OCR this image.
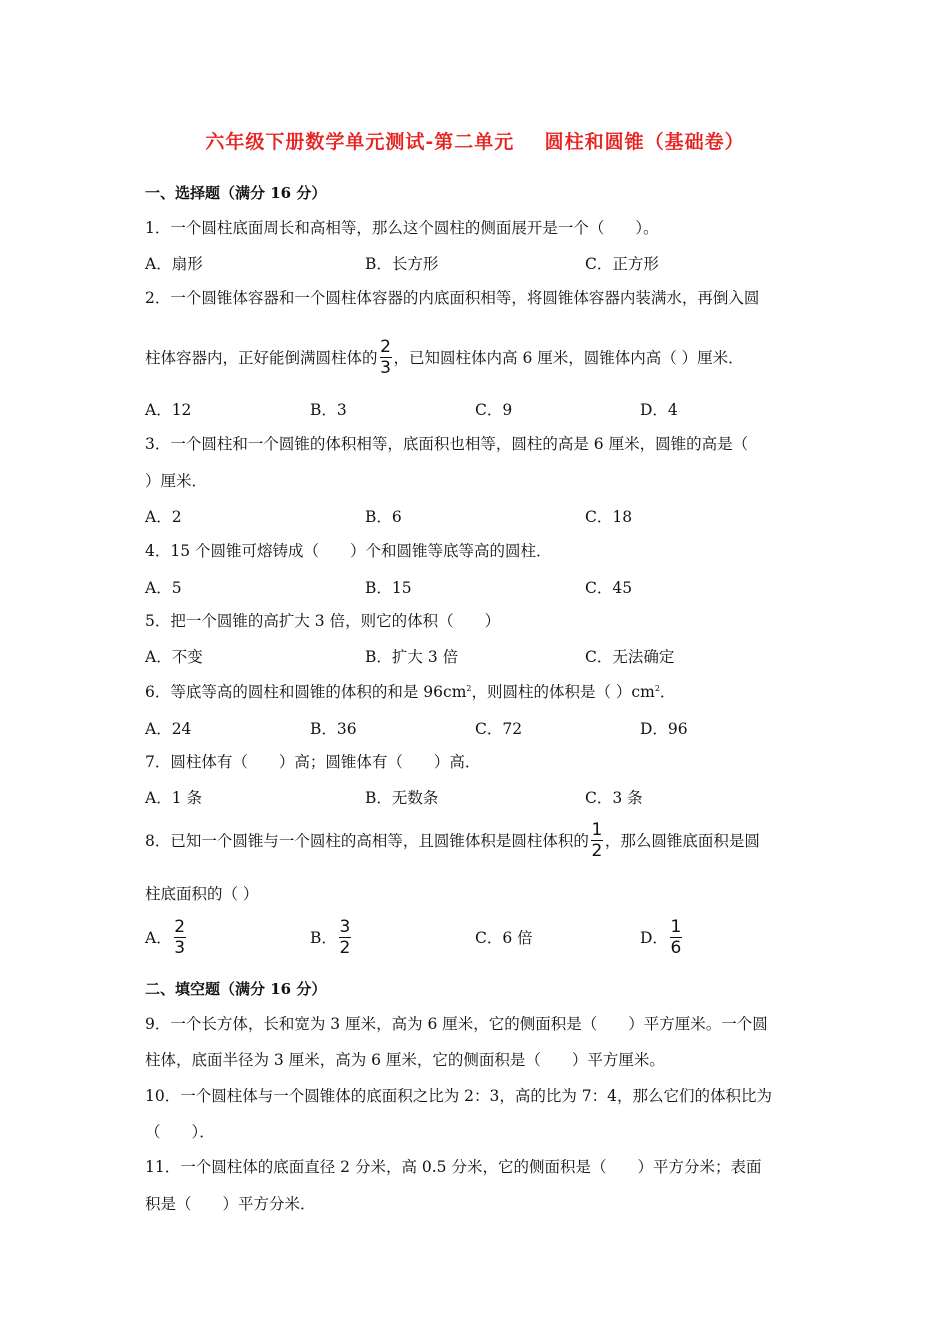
六年级下册数学单元测试-第二单元    圆柱和圆锥（基础卷）
一、选择题（满分 16 分）
1．一个圆柱底面周长和高相等，那么这个圆柱的侧面展开是一个（　　）。
A．扇形	B．长方形	C．正方形
2．一个圆锥体容器和一个圆柱体容器的内底面积相等，将圆锥体容器内装满水，再倒入圆
柱体容器内，正好能倒满圆柱体的 $\frac{2}{3}$ ，已知圆柱体内高 6 厘米，圆锥体内高（ ）厘米．
A．12	B．3	C．9	D．4
3．一个圆柱和一个圆锥的体积相等，底面积也相等，圆柱的高是 6 厘米，圆锥的高是（
）厘米．
A．2	B．6	C．18
4．15 个圆锥可熔铸成（　　）个和圆锥等底等高的圆柱．
A．5	B．15	C．45
5．把一个圆锥的高扩大 3 倍，则它的体积（　　）
A．不变	B．扩大 3 倍	C．无法确定
6．等底等高的圆柱和圆锥的体积的和是 $96cm^2$，则圆柱的体积是（ ）$cm^2$．
A．24	B．36	C．72	D．96
7．圆柱体有（　　）高；圆锥体有（　　）高．
A．1 条	B．无数条	C．3 条
8．已知一个圆锥与一个圆柱的高相等，且圆锥体积是圆柱体积的 $\frac{1}{2}$ ，那么圆锥底面积是圆
柱底面积的（ ）
A． $\frac{2}{3}$	B． $\frac{3}{2}$	C．6 倍	D． $\frac{1}{6}$
二、填空题（满分 16 分）
9．一个长方体，长和宽为 3 厘米，高为 6 厘米，它的侧面积是（　　）平方厘米。一个圆
柱体，底面半径为 3 厘米，高为 6 厘米，它的侧面积是（　　）平方厘米。
10．一个圆柱体与一个圆锥体的底面积之比为 2：3，高的比为 7：4，那么它们的体积比为
（　　）．
11．一个圆柱体的底面直径 2 分米，高 0.5 分米，它的侧面积是（　　）平方分米；表面
积是（　　）平方分米．
